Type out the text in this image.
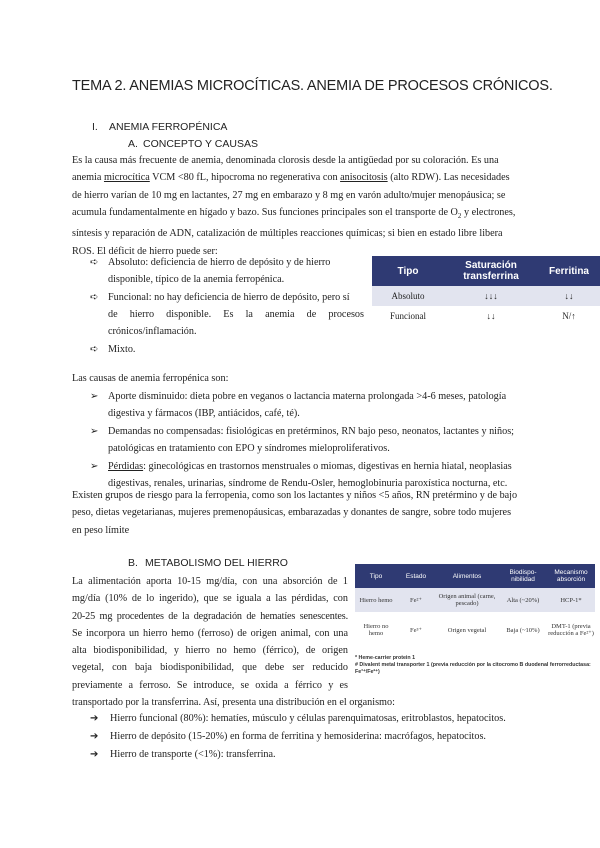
TEMA 2. ANEMIAS MICROCÍTICAS. ANEMIA DE PROCESOS CRÓNICOS.
I. ANEMIA FERROPÉNICA
A. CONCEPTO Y CAUSAS
Es la causa más frecuente de anemia, denominada clorosis desde la antigüedad por su coloración. Es una
anemia microcítica VCM <80 fL, hipocroma no regenerativa con anisocitosis (alto RDW). Las necesidades
de hierro varían de 10 mg en lactantes, 27 mg en embarazo y 8 mg en varón adulto/mujer menopáusica; se
acumula fundamentalmente en hígado y bazo. Sus funciones principales son el transporte de $O_2$ y electrones,
síntesis y reparación de ADN, catalización de múltiples reacciones químicas; si bien en estado libre libera
ROS. El déficit de hierro puede ser:
➪ Absoluto: deficiencia de hierro de depósito y de hierro
disponible, típico de la anemia ferropénica.
➪ Funcional: no hay deficiencia de hierro de depósito, pero sí
de hierro disponible. Es la anemia de procesos
crónicos/inflamación.
➪ Mixto.
Tipo	Saturación transferrina	Ferritina
Absoluto	↓↓↓	↓↓
Funcional	↓↓	N/↑
Las causas de anemia ferropénica son:
➢ Aporte disminuido: dieta pobre en veganos o lactancia materna prolongada >4-6 meses, patología
digestiva y fármacos (IBP, antiácidos, café, té).
➢ Demandas no compensadas: fisiológicas en pretérminos, RN bajo peso, neonatos, lactantes y niños;
patológicas en tratamiento con EPO y síndromes mieloproliferativos.
➢ Pérdidas: ginecológicas en trastornos menstruales o miomas, digestivas en hernia hiatal, neoplasias
digestivas, renales, urinarias, síndrome de Rendu-Osler, hemoglobinuria paroxística nocturna, etc.
Existen grupos de riesgo para la ferropenia, como son los lactantes y niños <5 años, RN pretérmino y de bajo
peso, dietas vegetarianas, mujeres premenopáusicas, embarazadas y donantes de sangre, sobre todo mujeres
en peso límite
B. METABOLISMO DEL HIERRO
La alimentación aporta 10-15 mg/día, con una absorción de 1
mg/día (10% de lo ingerido), que se iguala a las pérdidas, con
20-25 mg procedentes de la degradación de hematíes senescentes.
Se incorpora un hierro hemo (ferroso) de origen animal, con una
alta biodisponibilidad, y hierro no hemo (férrico), de origen
vegetal, con baja biodisponibilidad, que debe ser reducido
previamente a ferroso. Se introduce, se oxida a férrico y es
transportado por la transferrina. Así, presenta una distribución en el organismo:
Tipo	Estado	Alimentos	Biodispo-nibilidad	Mecanismo absorción
Hierro hemo	Fe²⁺	Origen animal (carne, pescado)	Alta (~20%)	HCP-1*
Hierro no hemo	Fe³⁺	Origen vegetal	Baja (~10%)	DMT-1 (previa reducción a Fe²⁺)
* Heme-carrier protein 1
# Divalent metal transporter 1 (previa reducción por la citocromo B duodenal ferrorreductasa: Fe³⁺/Fe²⁺)
➔ Hierro funcional (80%): hematíes, músculo y células parenquimatosas, eritroblastos, hepatocitos.
➔ Hierro de depósito (15-20%) en forma de ferritina y hemosiderina: macrófagos, hepatocitos.
➔ Hierro de transporte (<1%): transferrina.
